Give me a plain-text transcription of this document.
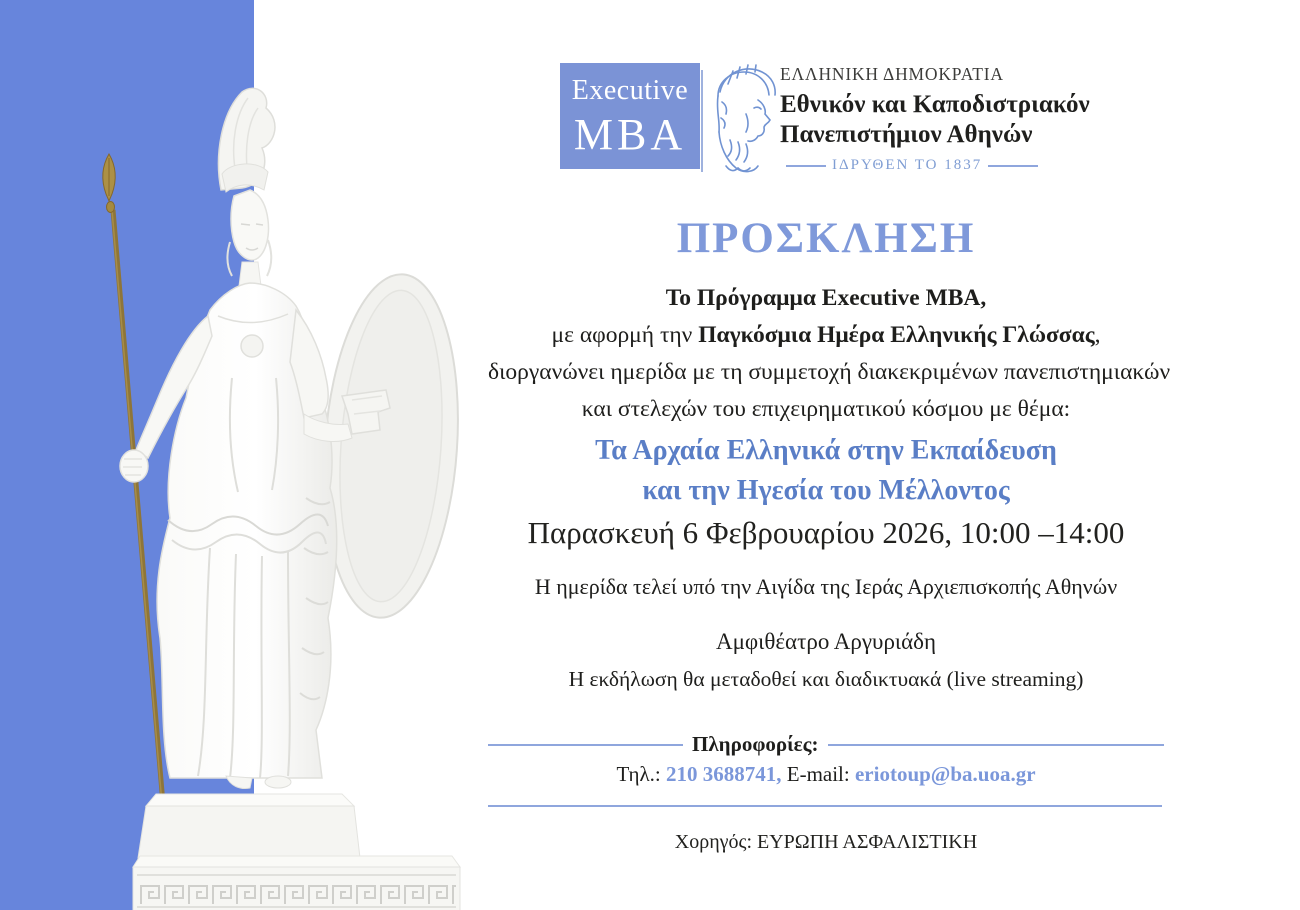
Executive
MBA
ΕΛΛΗΝΙΚΗ ΔΗΜΟΚΡΑΤΙΑ
Εθνικόν και Καποδιστριακόν
Πανεπιστήμιον Αθηνών
ΙΔΡΥΘΕΝ ΤΟ 1837
ΠΡΟΣΚΛΗΣΗ
Το Πρόγραμμα Executive MBA,
με αφορμή την Παγκόσμια Ημέρα Ελληνικής Γλώσσας,
διοργανώνει ημερίδα με τη συμμετοχή διακεκριμένων πανεπιστημιακών
και στελεχών του επιχειρηματικού κόσμου με θέμα:
Τα Αρχαία Ελληνικά στην Εκπαίδευση
και την Ηγεσία του Μέλλοντος
Παρασκευή 6 Φεβρουαρίου 2026, 10:00 –14:00
Η ημερίδα τελεί υπό την Αιγίδα της Ιεράς Αρχιεπισκοπής Αθηνών
Αμφιθέατρο Αργυριάδη
Η εκδήλωση θα μεταδοθεί και διαδικτυακά (live streaming)
Πληροφορίες:
Τηλ.: 210 3688741, E-mail: eriotoup@ba.uoa.gr
Χορηγός: ΕΥΡΩΠΗ ΑΣΦΑΛΙΣΤΙΚΗ
